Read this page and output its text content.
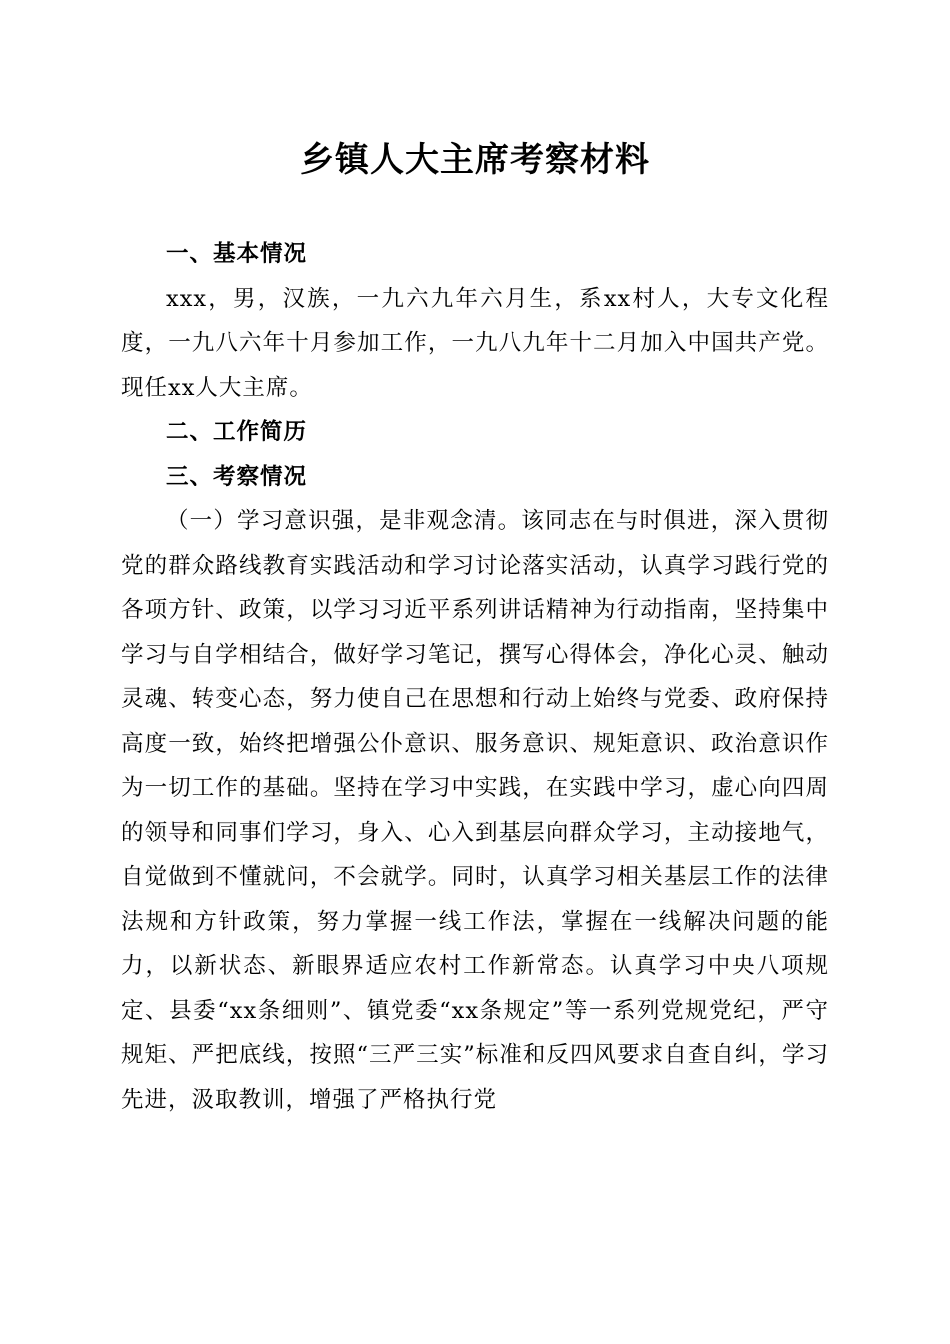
乡镇人大主席考察材料

一、基本情况

xxx，男，汉族，一九六九年六月生，系xx村人，大专文化程度，一九八六年十月参加工作，一九八九年十二月加入中国共产党。现任xx人大主席。

二、工作简历

三、考察情况

（一）学习意识强，是非观念清。该同志在与时俱进，深入贯彻党的群众路线教育实践活动和学习讨论落实活动，认真学习践行党的各项方针、政策，以学习习近平系列讲话精神为行动指南，坚持集中学习与自学相结合，做好学习笔记，撰写心得体会，净化心灵、触动灵魂、转变心态，努力使自己在思想和行动上始终与党委、政府保持高度一致，始终把增强公仆意识、服务意识、规矩意识、政治意识作为一切工作的基础。坚持在学习中实践，在实践中学习，虚心向四周的领导和同事们学习，身入、心入到基层向群众学习，主动接地气，自觉做到不懂就问，不会就学。同时，认真学习相关基层工作的法律法规和方针政策，努力掌握一线工作法，掌握在一线解决问题的能力，以新状态、新眼界适应农村工作新常态。认真学习中央八项规定、县委“xx条细则”、镇党委“xx条规定”等一系列党规党纪，严守规矩、严把底线，按照“三严三实”标准和反四风要求自查自纠，学习先进，汲取教训，增强了严格执行党
